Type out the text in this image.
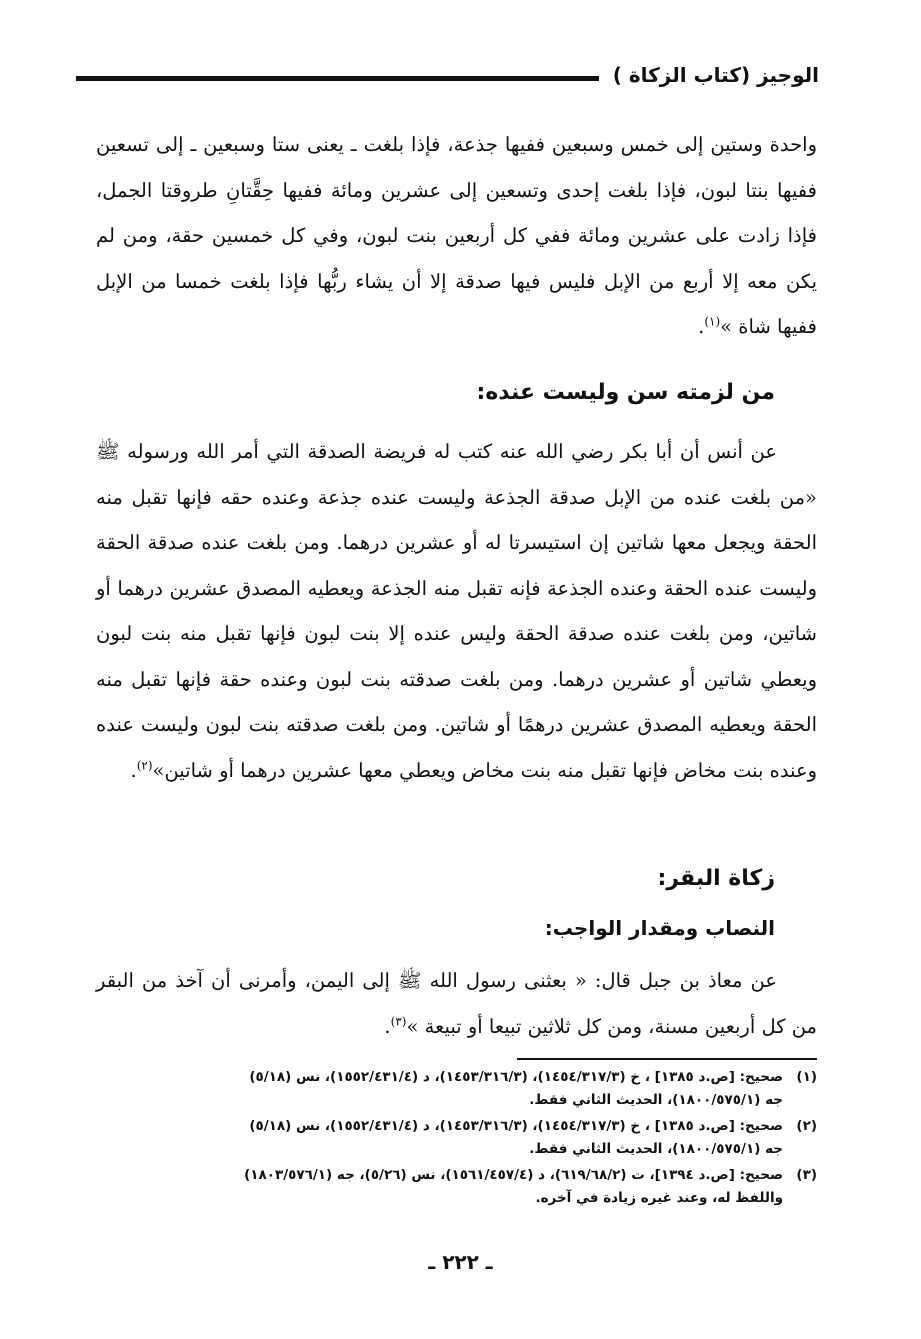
الوجيز (كتاب الزكاة )
واحدة وستين إلى خمس وسبعين ففيها جذعة، فإذا بلغت ـ يعنى ستا وسبعين ـ إلى تسعين ففيها بنتا لبون، فإذا بلغت إحدى وتسعين إلى عشرين ومائة ففيها حِقَّتانِ طروقتا الجمل، فإذا زادت على عشرين ومائة ففي كل أربعين بنت لبون، وفي كل خمسين حقة، ومن لم يكن معه إلا أربع من الإبل فليس فيها صدقة إلا أن يشاء ربُّها فإذا بلغت خمسا من الإبل ففيها شاة »$^{(١)}$.
من لزمته سن وليست عنده:
عن أنس أن أبا بكر رضي الله عنه كتب له فريضة الصدقة التي أمر الله ورسوله ﷺ «من بلغت عنده من الإبل صدقة الجذعة وليست عنده جذعة وعنده حقه فإنها تقبل منه الحقة ويجعل معها شاتين إن استيسرتا له أو عشرين درهما. ومن بلغت عنده صدقة الحقة وليست عنده الحقة وعنده الجذعة فإنه تقبل منه الجذعة ويعطيه المصدق عشرين درهما أو شاتين، ومن بلغت عنده صدقة الحقة وليس عنده إلا بنت لبون فإنها تقبل منه بنت لبون ويعطي شاتين أو عشرين درهما. ومن بلغت صدقته بنت لبون وعنده حقة فإنها تقبل منه الحقة ويعطيه المصدق عشرين درهمًا أو شاتين. ومن بلغت صدقته بنت لبون وليست عنده وعنده بنت مخاض فإنها تقبل منه بنت مخاض ويعطي معها عشرين درهما أو شاتين»$^{(٢)}$.
زكاة البقر:
النصاب ومقدار الواجب:
عن معاذ بن جبل قال: « بعثنى رسول الله ﷺ إلى اليمن، وأمرنى أن آخذ من البقر من كل أربعين مسنة، ومن كل ثلاثين تبيعا أو تبيعة »$^{(٣)}$.
(١)صحيح: [ص.د ١٣٨٥] ، خ (١٤٥٤/٣١٧/٣)، (١٤٥٣/٣١٦/٣)، د (١٥٥٢/٤٣١/٤)، نس (٥/١٨)
جه (١٨٠٠/٥٧٥/١)، الحديث الثاني فقط.
(٢)صحيح: [ص.د ١٣٨٥] ، خ (١٤٥٤/٣١٧/٣)، (١٤٥٣/٣١٦/٣)، د (١٥٥٢/٤٣١/٤)، نس (٥/١٨)
جه (١٨٠٠/٥٧٥/١)، الحديث الثاني فقط.
(٣)صحيح: [ص.د ١٣٩٤]، ت (٦١٩/٦٨/٢)، د (١٥٦١/٤٥٧/٤)، نس (٥/٢٦)، جه (١٨٠٣/٥٧٦/١)
واللفظ له، وعند غيره زيادة في آخره.
ـ ٢٢٢ ـ
